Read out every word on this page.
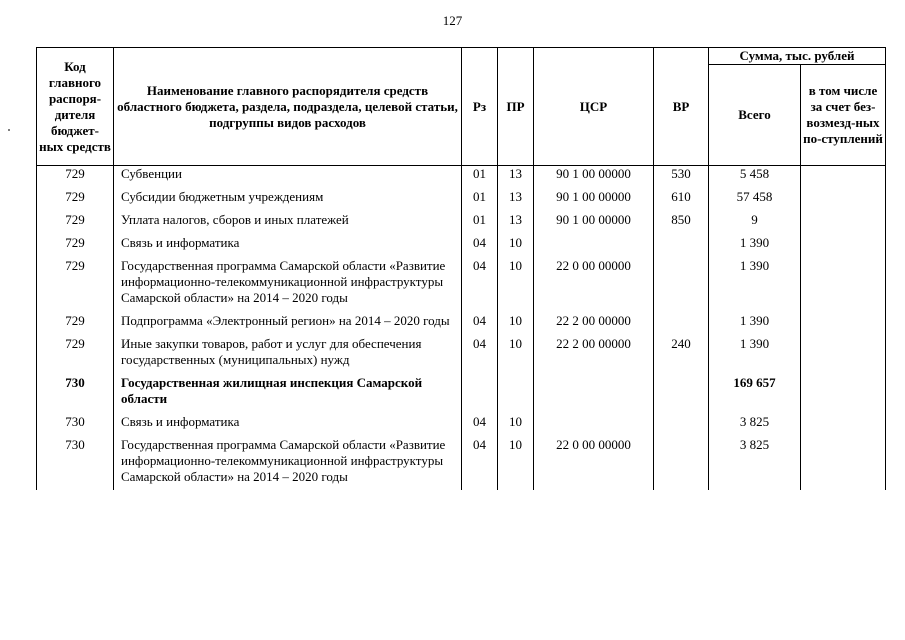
127
Код главного распоря-дителя бюджет-ных средств	Наименование главного распорядителя средств областного бюджета, раздела, подраздела, целевой статьи, подгруппы видов расходов	Рз	ПР	ЦСР	ВР	Сумма, тыс. рублей	
						Всего	в том числе за счет без-возмезд-ных по-ступлений
729	Субвенции	01	13	90 1 00 00000	530	5 458	
729	Субсидии бюджетным учреждениям	01	13	90 1 00 00000	610	57 458	
729	Уплата налогов, сборов и иных платежей	01	13	90 1 00 00000	850	9	
729	Связь и информатика	04	10			1 390	
729	Государственная программа Самарской области «Развитие информационно-телекоммуникационной инфраструктуры Самарской области» на 2014 – 2020 годы	04	10	22 0 00 00000		1 390	
729	Подпрограмма «Электронный регион» на 2014 – 2020 годы	04	10	22 2 00 00000		1 390	
729	Иные закупки товаров, работ и услуг для обеспечения государственных (муниципальных) нужд	04	10	22 2 00 00000	240	1 390	
730	Государственная жилищная инспекция Самарской области					169 657	
730	Связь и информатика	04	10			3 825	
730	Государственная программа Самарской области «Развитие информационно-телекоммуникационной инфраструктуры Самарской области» на 2014 – 2020 годы	04	10	22 0 00 00000		3 825	
